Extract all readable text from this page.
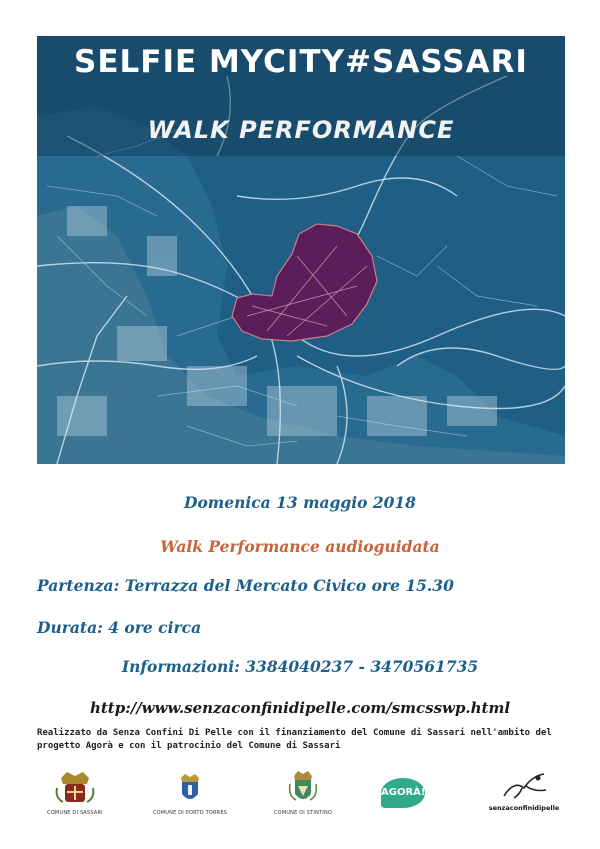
SELFIE MYCITY#SASSARI
WALK PERFORMANCE
Domenica 13 maggio 2018
Walk Performance audioguidata
Partenza: Terrazza del Mercato Civico ore 15.30
Durata: 4 ore circa
Informazioni: 3384040237 - 3470561735
http://www.senzaconfinidipelle.com/smcsswp.html
Realizzato da Senza Confini Di Pelle con il finanziamento del Comune di Sassari nell'ambito del progetto Agorà e con il patrocinio del Comune di Sassari
COMUNE DI SASSARI	COMUNE DI PORTO TORRES	COMUNE DI STINTINO
AGORÀ!
senzaconfinidipelle
